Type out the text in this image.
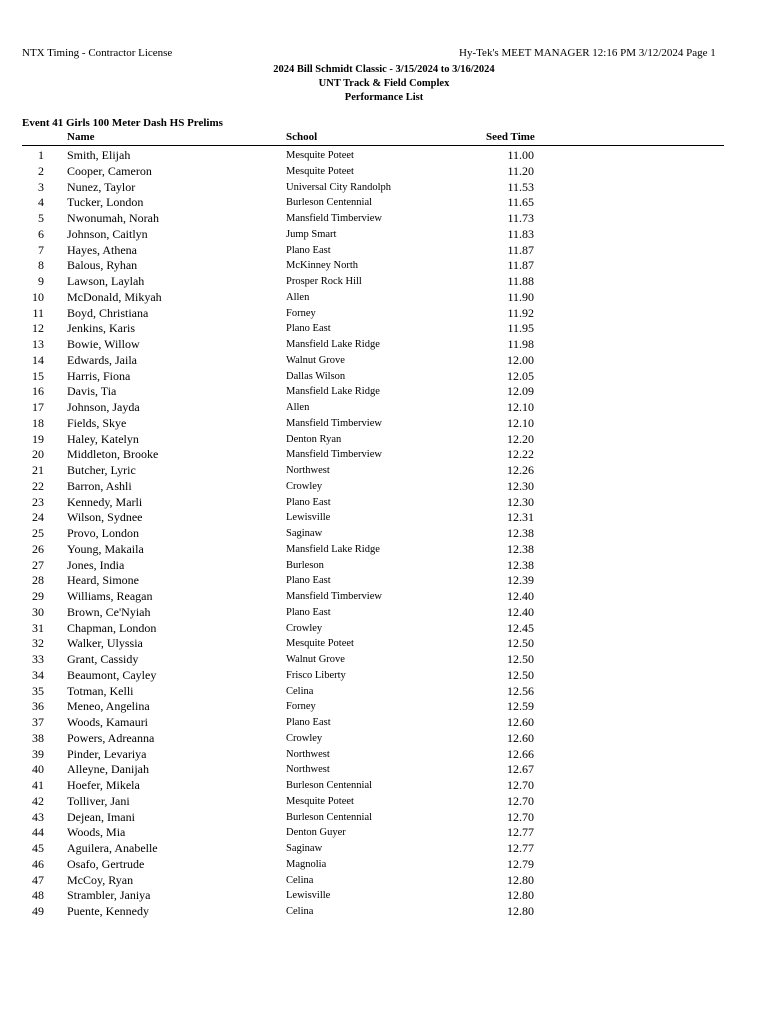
NTX Timing - Contractor License	Hy-Tek's MEET MANAGER 12:16 PM 3/12/2024 Page 1
2024 Bill Schmidt Classic - 3/15/2024 to 3/16/2024
UNT Track & Field Complex
Performance List
Event 41 Girls 100 Meter Dash HS Prelims
Name	School	Seed Time
1 Smith, Elijah	Mesquite Poteet	11.00
2 Cooper, Cameron	Mesquite Poteet	11.20
3 Nunez, Taylor	Universal City Randolph	11.53
4 Tucker, London	Burleson Centennial	11.65
5 Nwonumah, Norah	Mansfield Timberview	11.73
6 Johnson, Caitlyn	Jump Smart	11.83
7 Hayes, Athena	Plano East	11.87
8 Balous, Ryhan	McKinney North	11.87
9 Lawson, Laylah	Prosper Rock Hill	11.88
10 McDonald, Mikyah	Allen	11.90
11 Boyd, Christiana	Forney	11.92
12 Jenkins, Karis	Plano East	11.95
13 Bowie, Willow	Mansfield Lake Ridge	11.98
14 Edwards, Jaila	Walnut Grove	12.00
15 Harris, Fiona	Dallas Wilson	12.05
16 Davis, Tia	Mansfield Lake Ridge	12.09
17 Johnson, Jayda	Allen	12.10
18 Fields, Skye	Mansfield Timberview	12.10
19 Haley, Katelyn	Denton Ryan	12.20
20 Middleton, Brooke	Mansfield Timberview	12.22
21 Butcher, Lyric	Northwest	12.26
22 Barron, Ashli	Crowley	12.30
23 Kennedy, Marli	Plano East	12.30
24 Wilson, Sydnee	Lewisville	12.31
25 Provo, London	Saginaw	12.38
26 Young, Makaila	Mansfield Lake Ridge	12.38
27 Jones, India	Burleson	12.38
28 Heard, Simone	Plano East	12.39
29 Williams, Reagan	Mansfield Timberview	12.40
30 Brown, Ce'Nyiah	Plano East	12.40
31 Chapman, London	Crowley	12.45
32 Walker, Ulyssia	Mesquite Poteet	12.50
33 Grant, Cassidy	Walnut Grove	12.50
34 Beaumont, Cayley	Frisco Liberty	12.50
35 Totman, Kelli	Celina	12.56
36 Meneo, Angelina	Forney	12.59
37 Woods, Kamauri	Plano East	12.60
38 Powers, Adreanna	Crowley	12.60
39 Pinder, Levariya	Northwest	12.66
40 Alleyne, Danijah	Northwest	12.67
41 Hoefer, Mikela	Burleson Centennial	12.70
42 Tolliver, Jani	Mesquite Poteet	12.70
43 Dejean, Imani	Burleson Centennial	12.70
44 Woods, Mia	Denton Guyer	12.77
45 Aguilera, Anabelle	Saginaw	12.77
46 Osafo, Gertrude	Magnolia	12.79
47 McCoy, Ryan	Celina	12.80
48 Strambler, Janiya	Lewisville	12.80
49 Puente, Kennedy	Celina	12.80
